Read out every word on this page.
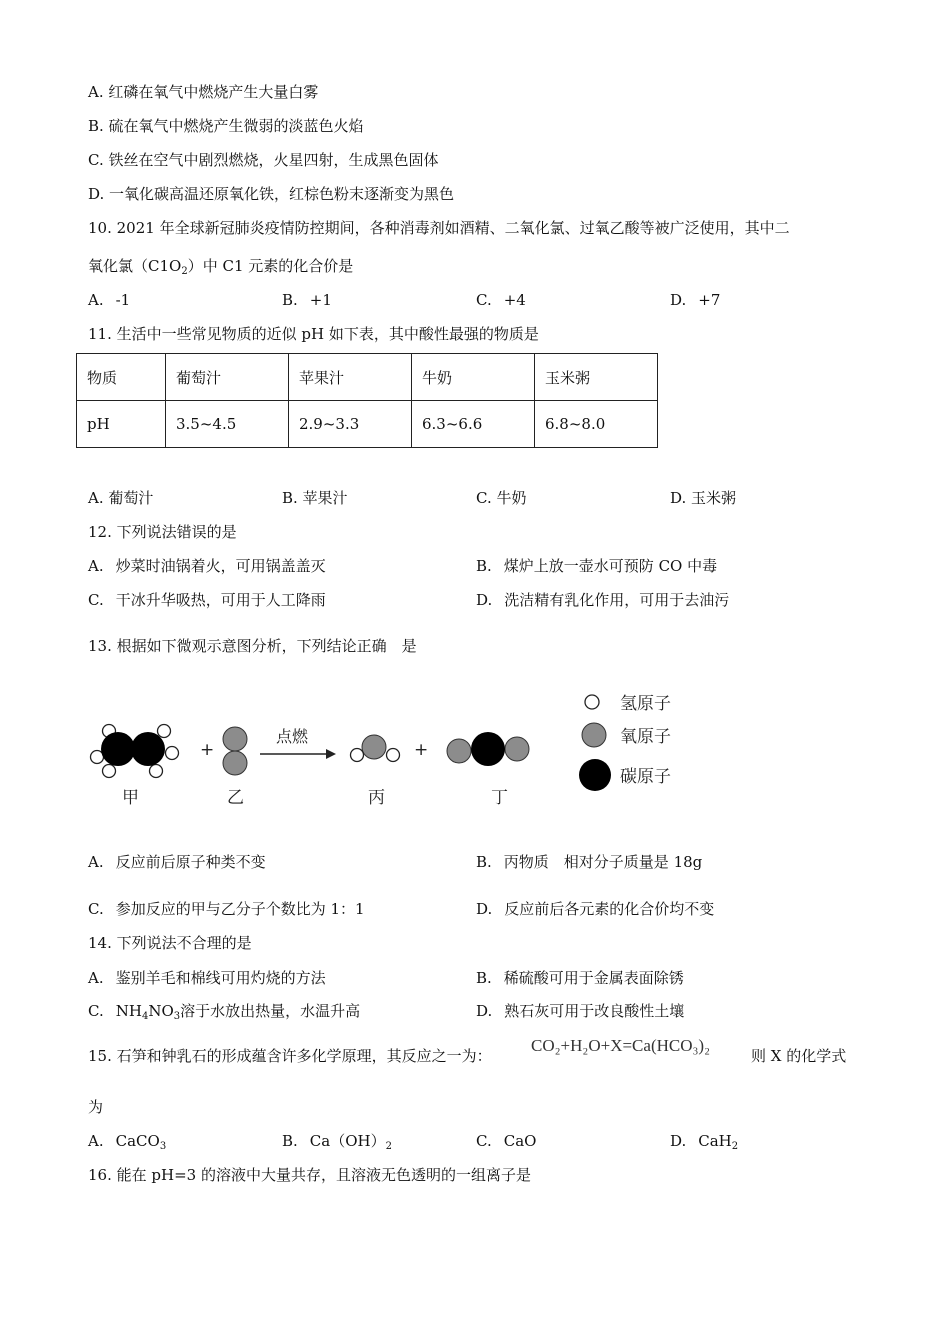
A. 红磷在氧气中燃烧产生大量白雾
B. 硫在氧气中燃烧产生微弱的淡蓝色火焰
C. 铁丝在空气中剧烈燃烧，火星四射，生成黑色固体
D. 一氧化碳高温还原氧化铁，红棕色粉末逐渐变为黑色
10. 2021 年全球新冠肺炎疫情防控期间，各种消毒剂如酒精、二氧化氯、过氧乙酸等被广泛使用，其中二
氧化氯$(C1O_2)$中 C1 元素的化合价是
A. -1	B. +1	C. +4	D. +7
11. 生活中一些常见物质的近似 pH 如下表，其中酸性最强的物质是
物质	葡萄汁	苹果汁	牛奶	玉米粥
pH	3.5~4.5	2.9~3.3	6.3~6.6	6.8~8.0
A. 葡萄汁	B. 苹果汁	C. 牛奶	D. 玉米粥
12. 下列说法错误的是
A. 炒菜时油锅着火，可用锅盖盖灭	B. 煤炉上放一壶水可预防 CO 中毒
C. 干冰升华吸热，可用于人工降雨	D. 洗洁精有乳化作用，可用于去油污
13. 根据如下微观示意图分析，下列结论正确　是
+
点燃
+
甲	乙	丙	丁
氢原子
氧原子
碳原子
A. 反应前后原子种类不变	B. 丙物质　相对分子质量是 18g
C. 参加反应的甲与乙分子个数比为 1：1	D. 反应前后各元素的化合价均不变
14. 下列说法不合理的是
A. 鉴别羊毛和棉线可用灼烧的方法	B. 稀硫酸可用于金属表面除锈
C. $NH_4NO_3$溶于水放出热量，水温升高	D. 熟石灰可用于改良酸性土壤
15. 石笋和钟乳石的形成蕴含许多化学原理，其反应之一为：
CO₂+H₂O+X=Ca(HCO₃)₂
则 X 的化学式
为
A. CaCO$_3$	B. $Ca(OH)_2$	C. CaO	D. CaH$_2$
16. 能在 pH=3 的溶液中大量共存，且溶液无色透明的一组离子是
